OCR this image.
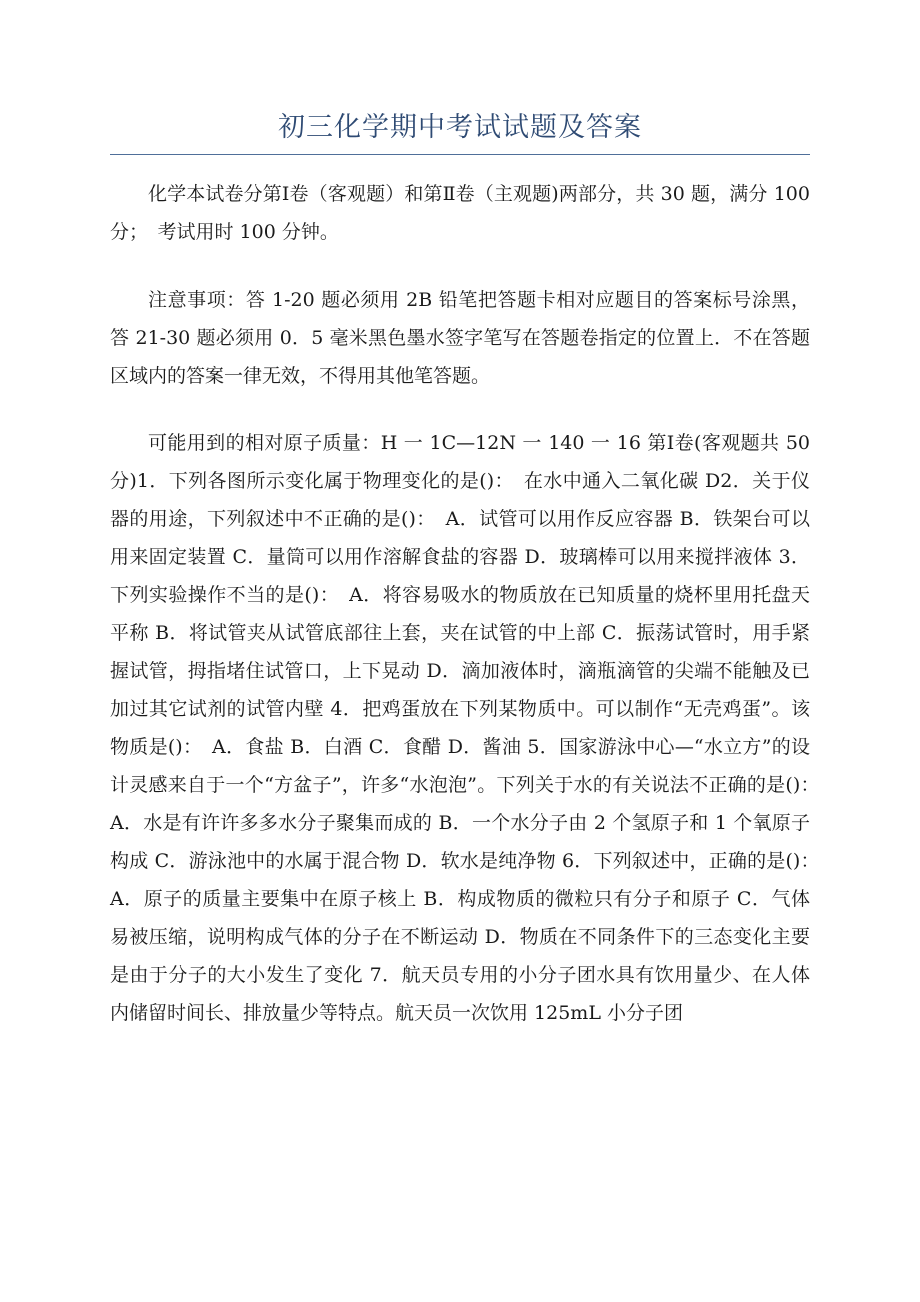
初三化学期中考试试题及答案

化学本试卷分第Ⅰ卷（客观题）和第Ⅱ卷（主观题)两部分，共 30 题，满分 100 分；　考试用时 100 分钟。

注意事项：答 1-20 题必须用 2B 铅笔把答题卡相对应题目的答案标号涂黑，答 21-30 题必须用 0．5 毫米黑色墨水签字笔写在答题卷指定的位置上．不在答题区域内的答案一律无效，不得用其他笔答题。

可能用到的相对原子质量：H 一 1C—12N 一 140 一 16 第Ⅰ卷(客观题共 50 分)1．下列各图所示变化属于物理变化的是()：　在水中通入二氧化碳 D2．关于仪器的用途，下列叙述中不正确的是()：　A．试管可以用作反应容器 B．铁架台可以用来固定装置 C．量筒可以用作溶解食盐的容器 D．玻璃棒可以用来搅拌液体 3．下列实验操作不当的是()：　A．将容易吸水的物质放在已知质量的烧杯里用托盘天平称 B．将试管夹从试管底部往上套，夹在试管的中上部 C．振荡试管时，用手紧握试管，拇指堵住试管口，上下晃动 D．滴加液体时，滴瓶滴管的尖端不能触及已加过其它试剂的试管内壁 4．把鸡蛋放在下列某物质中。可以制作“无壳鸡蛋”。该物质是()：　A．食盐 B．白酒 C．食醋 D．酱油 5．国家游泳中心—“水立方”的设计灵感来自于一个“方盆子”，许多“水泡泡”。下列关于水的有关说法不正确的是()：　A．水是有许许多多水分子聚集而成的 B．一个水分子由 2 个氢原子和 1 个氧原子构成 C．游泳池中的水属于混合物 D．软水是纯净物 6．下列叙述中，正确的是()：　A．原子的质量主要集中在原子核上 B．构成物质的微粒只有分子和原子 C．气体易被压缩，说明构成气体的分子在不断运动 D．物质在不同条件下的三态变化主要是由于分子的大小发生了变化 7．航天员专用的小分子团水具有饮用量少、在人体内储留时间长、排放量少等特点。航天员一次饮用 125mL 小分子团
